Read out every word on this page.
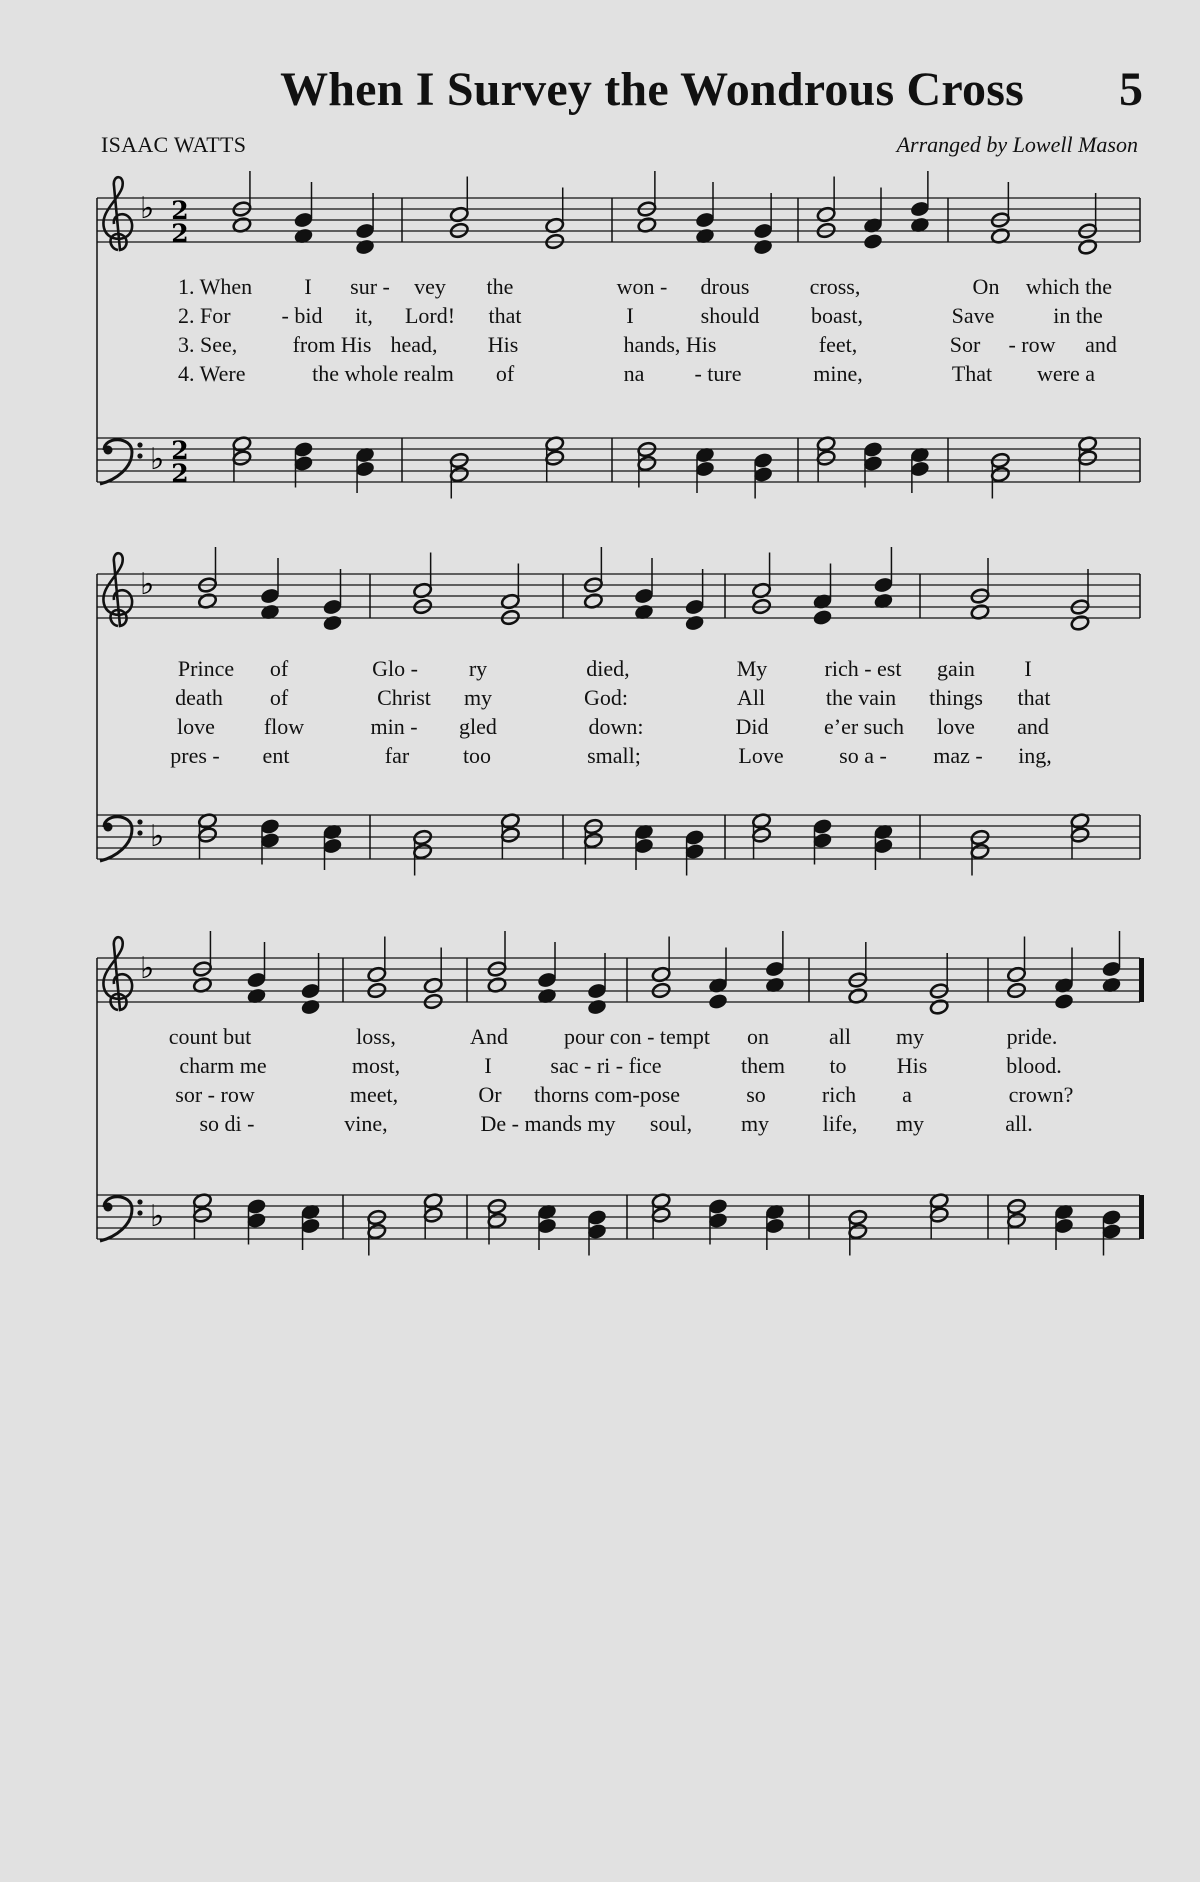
When I Survey the Wondrous Cross 5
ISAAC WATTS	Arranged by Lowell Mason
♭
♭
2
2
2
2
1. When I sur - vey the	won - drous	cross,	On which the
2. For - bid it, Lord! that	I	should boast,	Save	in the
3. See,	from His head, His	hands, His	feet,	Sor - row and
4. Were	the whole realm of	na - ture	mine,	That were a
♭
♭
Prince of	Glo - ry	died,	My	rich - est gain I
death of	Christ my	God:	All	the vain things that
love flow	min - gled	down:	Did	e’er such love and
pres - ent	far too	small;	Love	so a - maz - ing,
♭
♭
count but	loss,	And	pour con - tempt on	all my	pride.
charm me	most,	I	sac - ri - fice	them to His	blood.
sor - row	meet,	Or thorns com-pose	so	rich a	crown?
so di -	vine,	De - mands my soul, my life, my	all.
